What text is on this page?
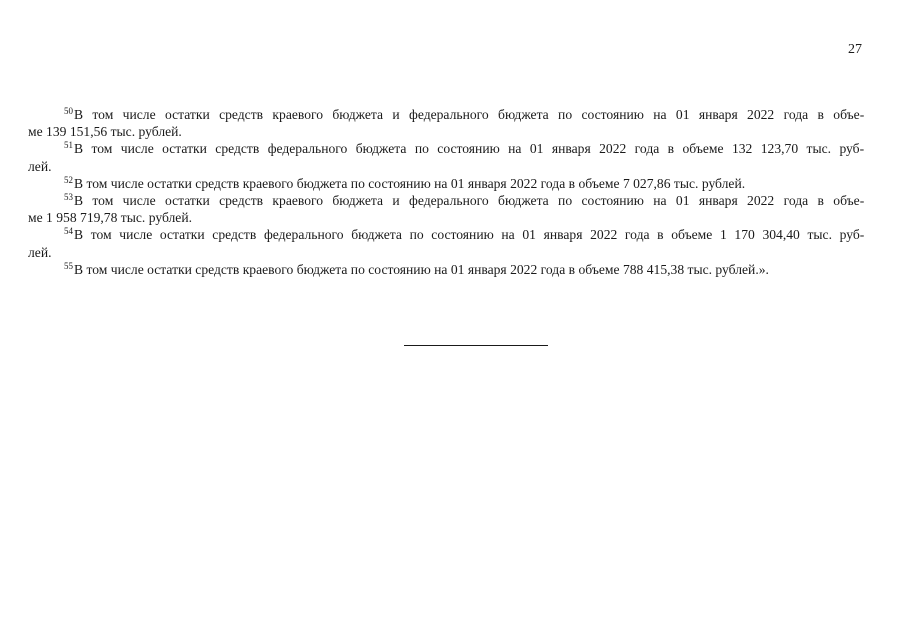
27
$^{50}$В том числе остатки средств краевого бюджета и федерального бюджета по состоянию на 01 января 2022 года в объе-
ме 139 151,56 тыс. рублей.
$^{51}$В том числе остатки средств федерального бюджета по состоянию на 01 января 2022 года в объеме 132 123,70 тыс. руб-
лей.
$^{52}$В том числе остатки средств краевого бюджета по состоянию на 01 января 2022 года в объеме 7 027,86 тыс. рублей.
$^{53}$В том числе остатки средств краевого бюджета и федерального бюджета по состоянию на 01 января 2022 года в объе-
ме 1 958 719,78 тыс. рублей.
$^{54}$В том числе остатки средств федерального бюджета по состоянию на 01 января 2022 года в объеме 1 170 304,40 тыс. руб-
лей.
$^{55}$В том числе остатки средств краевого бюджета по состоянию на 01 января 2022 года в объеме 788 415,38 тыс. рублей.».
